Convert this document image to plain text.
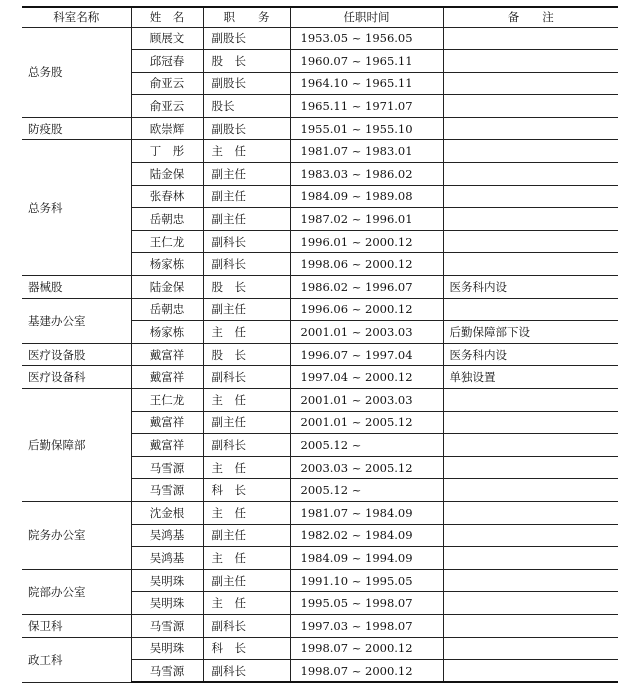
科室名称	姓　名	职　　务	任职时间	备　　注
总务股	顾展文	副股长	1953.05 ~ 1956.05	
	邱冠春	股　长	1960.07 ~ 1965.11	
	俞亚云	副股长	1964.10 ~ 1965.11	
	俞亚云	股长	1965.11 ~ 1971.07	
防疫股	欧崇辉	副股长	1955.01 ~ 1955.10	
总务科	丁　彤	主　任	1981.07 ~ 1983.01	
	陆金保	副主任	1983.03 ~ 1986.02	
	张春林	副主任	1984.09 ~ 1989.08	
	岳朝忠	副主任	1987.02 ~ 1996.01	
	王仁龙	副科长	1996.01 ~ 2000.12	
	杨家栋	副科长	1998.06 ~ 2000.12	
器械股	陆金保	股　长	1986.02 ~ 1996.07	医务科内设
基建办公室	岳朝忠	副主任	1996.06 ~ 2000.12	
	杨家栋	主　任	2001.01 ~ 2003.03	后勤保障部下设
医疗设备股	戴富祥	股　长	1996.07 ~ 1997.04	医务科内设
医疗设备科	戴富祥	副科长	1997.04 ~ 2000.12	单独设置
后勤保障部	王仁龙	主　任	2001.01 ~ 2003.03	
	戴富祥	副主任	2001.01 ~ 2005.12	
	戴富祥	副科长	2005.12 ~	
	马雪源	主　任	2003.03 ~ 2005.12	
	马雪源	科　长	2005.12 ~	
院务办公室	沈金根	主　任	1981.07 ~ 1984.09	
	吴鸿基	副主任	1982.02 ~ 1984.09	
	吴鸿基	主　任	1984.09 ~ 1994.09	
院部办公室	吴明珠	副主任	1991.10 ~ 1995.05	
	吴明珠	主　任	1995.05 ~ 1998.07	
保卫科	马雪源	副科长	1997.03 ~ 1998.07	
政工科	吴明珠	科　长	1998.07 ~ 2000.12	
	马雪源	副科长	1998.07 ~ 2000.12	
